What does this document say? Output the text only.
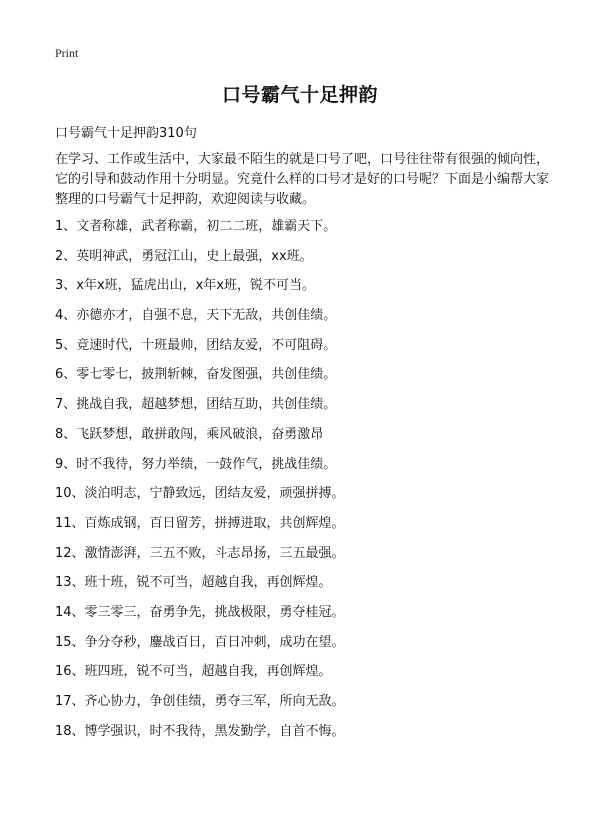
Print
口号霸气十足押韵
口号霸气十足押韵310句
在学习、工作或生活中，大家最不陌生的就是口号了吧，口号往往带有很强的倾向性，它的引导和鼓动作用十分明显。究竟什么样的口号才是好的口号呢？下面是小编帮大家整理的口号霸气十足押韵，欢迎阅读与收藏。
1、文者称雄，武者称霸，初二二班，雄霸天下。
2、英明神武，勇冠江山，史上最强，xx班。
3、x年x班，猛虎出山，x年x班，锐不可当。
4、亦德亦才，自强不息，天下无敌，共创佳绩。
5、竞速时代，十班最帅，团结友爱，不可阻碍。
6、零七零七，披荆斩棘，奋发图强，共创佳绩。
7、挑战自我，超越梦想，团结互助，共创佳绩。
8、飞跃梦想，敢拼敢闯，乘风破浪，奋勇激昂
9、时不我待，努力举绩，一鼓作气，挑战佳绩。
10、淡泊明志，宁静致远，团结友爱，顽强拼搏。
11、百炼成钢，百日留芳，拼搏进取，共创辉煌。
12、激情澎湃，三五不败，斗志昂扬，三五最强。
13、班十班，锐不可当，超越自我，再创辉煌。
14、零三零三，奋勇争先，挑战极限，勇夺桂冠。
15、争分夺秒，鏖战百日，百日冲刺，成功在望。
16、班四班，锐不可当，超越自我，再创辉煌。
17、齐心协力，争创佳绩，勇夺三军，所向无敌。
18、博学强识，时不我待，黑发勤学，自首不悔。
